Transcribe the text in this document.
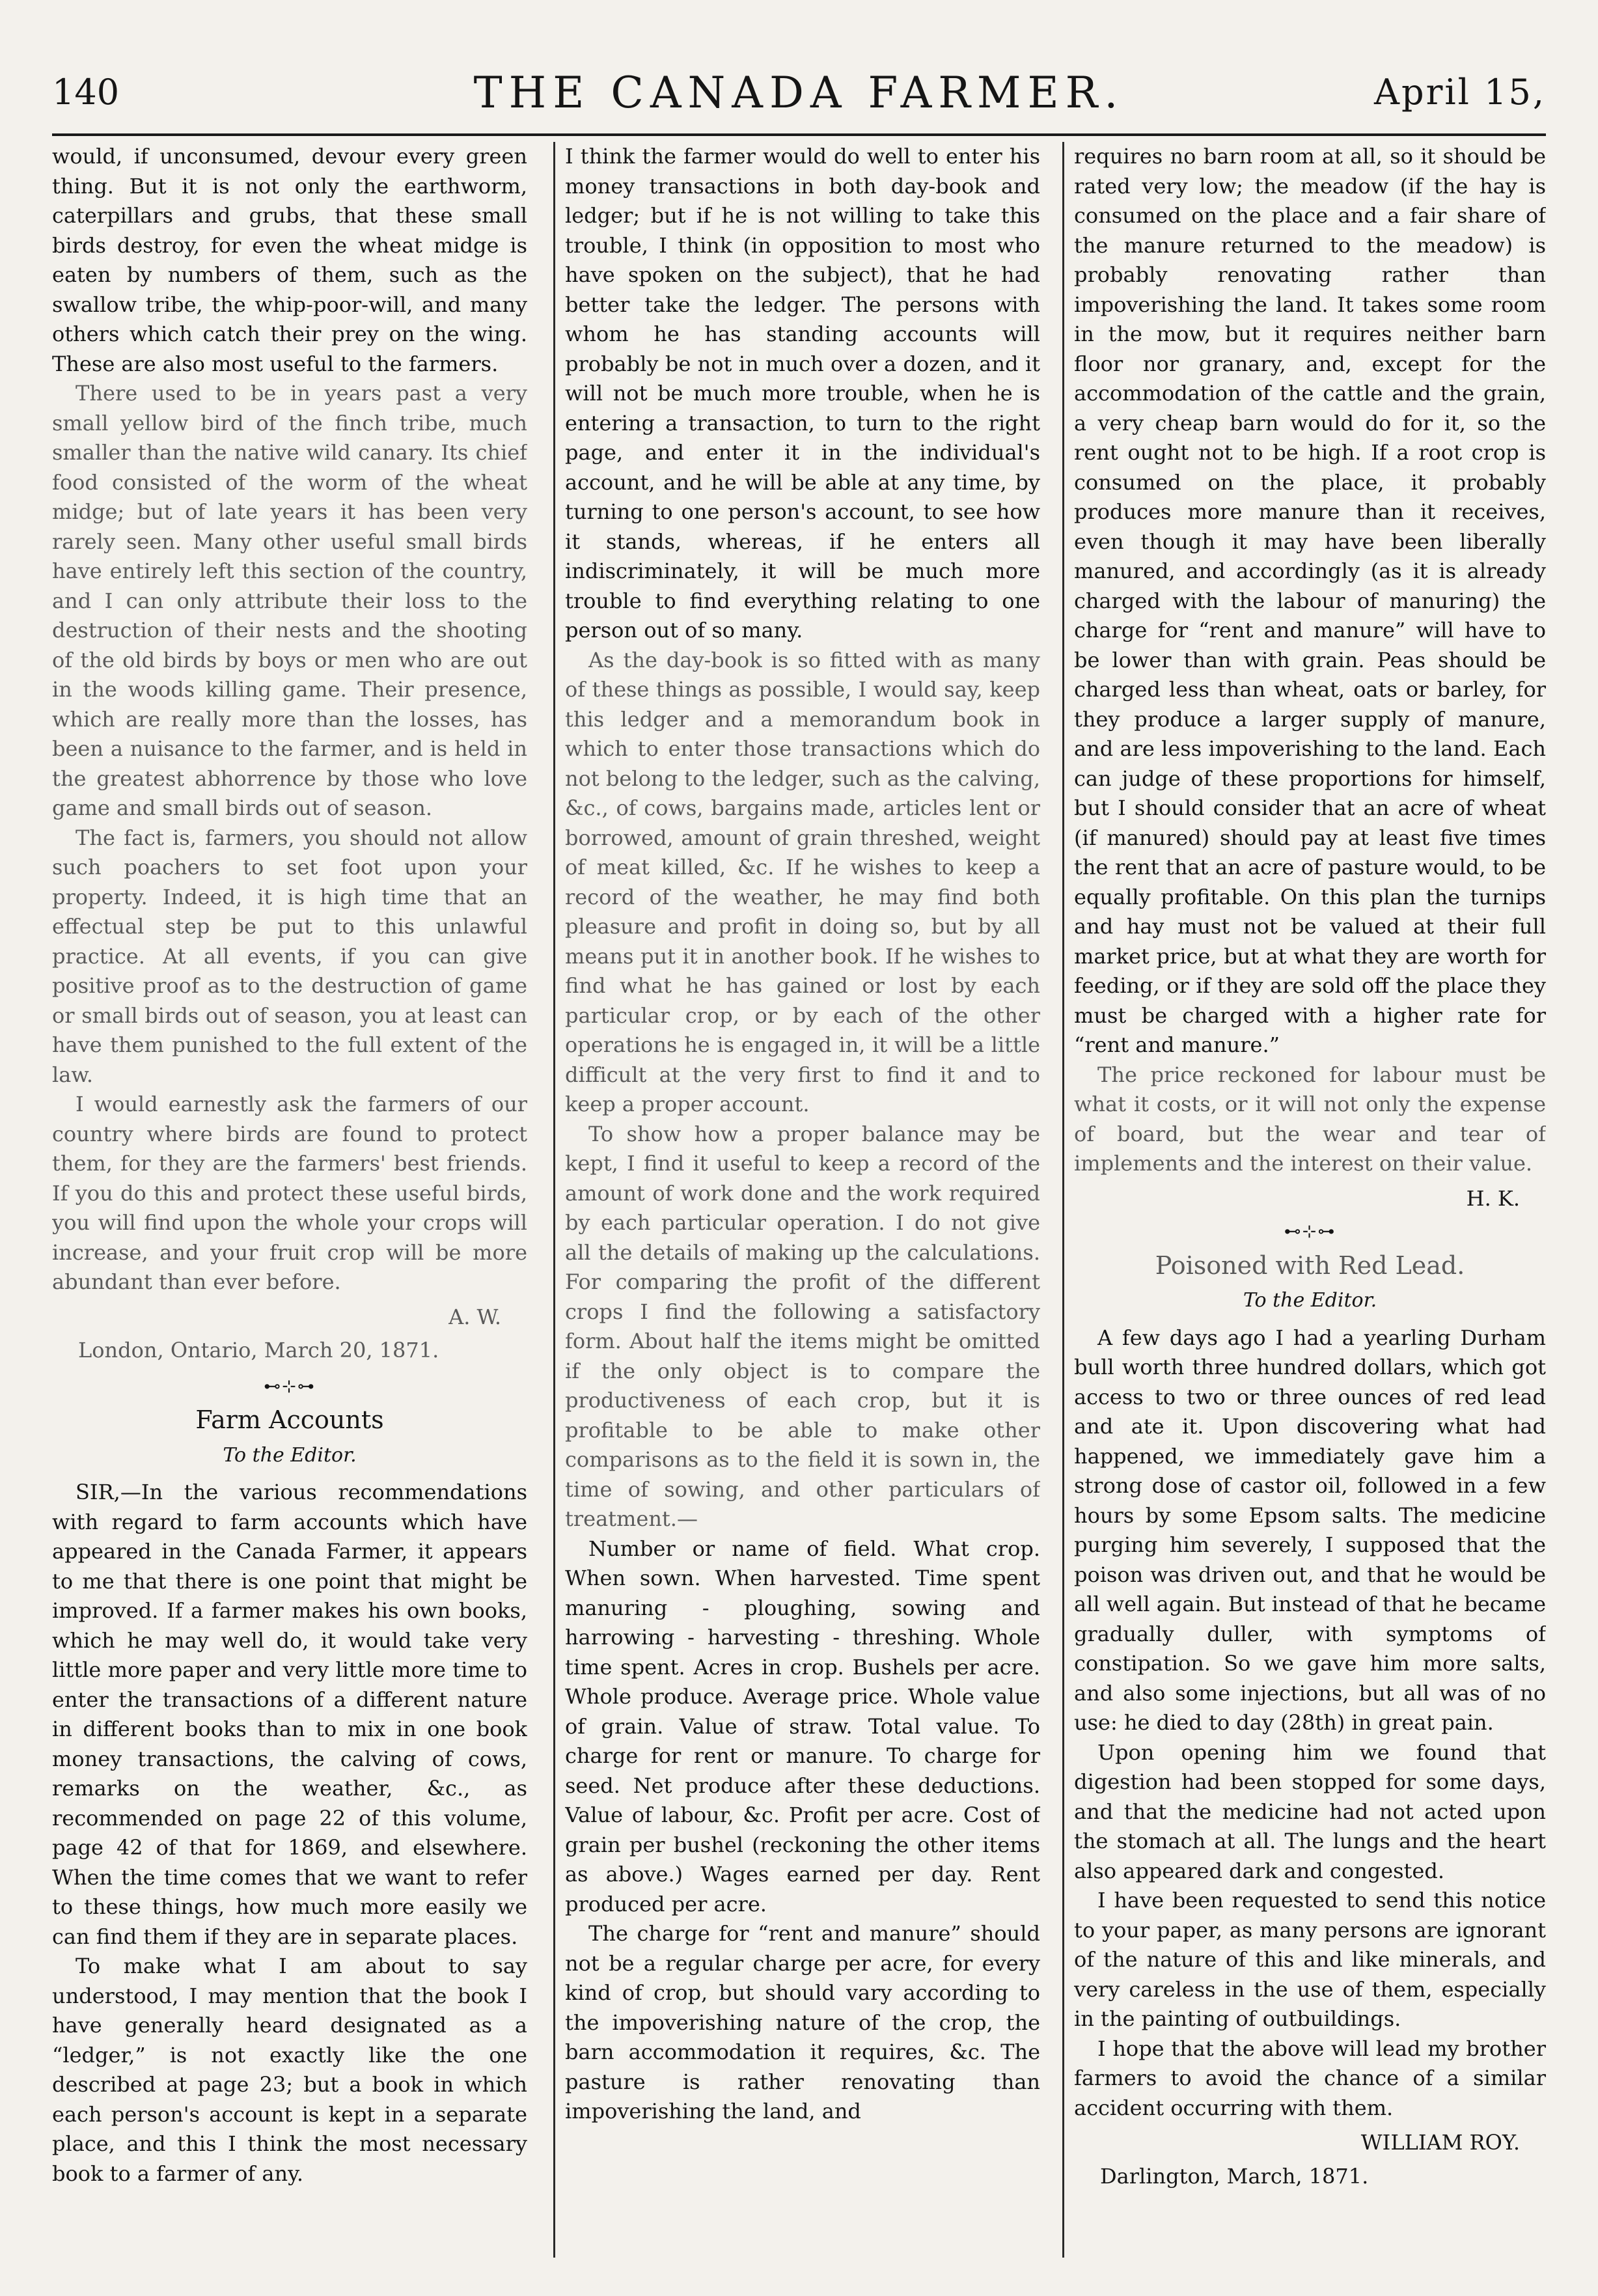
140	THE CANADA FARMER.	April 15,

would, if unconsumed, devour every green thing. But it is not only the earthworm, caterpillars and grubs, that these small birds destroy, for even the wheat midge is eaten by numbers of them, such as the swallow tribe, the whip-poor-will, and many others which catch their prey on the wing. These are also most useful to the farmers.

There used to be in years past a very small yellow bird of the finch tribe, much smaller than the native wild canary. Its chief food consisted of the worm of the wheat midge; but of late years it has been very rarely seen. Many other useful small birds have entirely left this section of the country, and I can only attribute their loss to the destruction of their nests and the shooting of the old birds by boys or men who are out in the woods killing game. Their presence, which are really more than the losses, has been a nuisance to the farmer, and is held in the greatest abhorrence by those who love game and small birds out of season.

The fact is, farmers, you should not allow such poachers to set foot upon your property. Indeed, it is high time that an effectual step be put to this unlawful practice. At all events, if you can give positive proof as to the destruction of game or small birds out of season, you at least can have them punished to the full extent of the law.

I would earnestly ask the farmers of our country where birds are found to protect them, for they are the farmers' best friends. If you do this and protect these useful birds, you will find upon the whole your crops will increase, and your fruit crop will be more abundant than ever before.

A. W.

London, Ontario, March 20, 1871.

⊷⊹⊶
Farm Accounts
To the Editor.

SIR,—In the various recommendations with regard to farm accounts which have appeared in the Canada Farmer, it appears to me that there is one point that might be improved. If a farmer makes his own books, which he may well do, it would take very little more paper and very little more time to enter the transactions of a different nature in different books than to mix in one book money transactions, the calving of cows, remarks on the weather, &c., as recommended on page 22 of this volume, page 42 of that for 1869, and elsewhere. When the time comes that we want to refer to these things, how much more easily we can find them if they are in separate places.

To make what I am about to say understood, I may mention that the book I have generally heard designated as a “ledger,” is not exactly like the one described at page 23; but a book in which each person's account is kept in a separate place, and this I think the most necessary book to a farmer of any.

I think the farmer would do well to enter his money transactions in both day-book and ledger; but if he is not willing to take this trouble, I think (in opposition to most who have spoken on the subject), that he had better take the ledger. The persons with whom he has standing accounts will probably be not in much over a dozen, and it will not be much more trouble, when he is entering a transaction, to turn to the right page, and enter it in the individual's account, and he will be able at any time, by turning to one person's account, to see how it stands, whereas, if he enters all indiscriminately, it will be much more trouble to find everything relating to one person out of so many.

As the day-book is so fitted with as many of these things as possible, I would say, keep this ledger and a memorandum book in which to enter those transactions which do not belong to the ledger, such as the calving, &c., of cows, bargains made, articles lent or borrowed, amount of grain threshed, weight of meat killed, &c. If he wishes to keep a record of the weather, he may find both pleasure and profit in doing so, but by all means put it in another book. If he wishes to find what he has gained or lost by each particular crop, or by each of the other operations he is engaged in, it will be a little difficult at the very first to find it and to keep a proper account.

To show how a proper balance may be kept, I find it useful to keep a record of the amount of work done and the work required by each particular operation. I do not give all the details of making up the calculations. For comparing the profit of the different crops I find the following a satisfactory form. About half the items might be omitted if the only object is to compare the productiveness of each crop, but it is profitable to be able to make other comparisons as to the field it is sown in, the time of sowing, and other particulars of treatment.—

Number or name of field. What crop. When sown. When harvested. Time spent manuring - ploughing, sowing and harrowing - harvesting - threshing. Whole time spent. Acres in crop. Bushels per acre. Whole produce. Average price. Whole value of grain. Value of straw. Total value. To charge for rent or manure. To charge for seed. Net produce after these deductions. Value of labour, &c. Profit per acre. Cost of grain per bushel (reckoning the other items as above.) Wages earned per day. Rent produced per acre.

The charge for “rent and manure” should not be a regular charge per acre, for every kind of crop, but should vary according to the impoverishing nature of the crop, the barn accommodation it requires, &c. The pasture is rather renovating than impoverishing the land, and

requires no barn room at all, so it should be rated very low; the meadow (if the hay is consumed on the place and a fair share of the manure returned to the meadow) is probably renovating rather than impoverishing the land. It takes some room in the mow, but it requires neither barn floor nor granary, and, except for the accommodation of the cattle and the grain, a very cheap barn would do for it, so the rent ought not to be high. If a root crop is consumed on the place, it probably produces more manure than it receives, even though it may have been liberally manured, and accordingly (as it is already charged with the labour of manuring) the charge for “rent and manure” will have to be lower than with grain. Peas should be charged less than wheat, oats or barley, for they produce a larger supply of manure, and are less impoverishing to the land. Each can judge of these proportions for himself, but I should consider that an acre of wheat (if manured) should pay at least five times the rent that an acre of pasture would, to be equally profitable. On this plan the turnips and hay must not be valued at their full market price, but at what they are worth for feeding, or if they are sold off the place they must be charged with a higher rate for “rent and manure.”

The price reckoned for labour must be what it costs, or it will not only the expense of board, but the wear and tear of implements and the interest on their value.

H. K.

⊷⊹⊶
Poisoned with Red Lead.
To the Editor.

A few days ago I had a yearling Durham bull worth three hundred dollars, which got access to two or three ounces of red lead and ate it. Upon discovering what had happened, we immediately gave him a strong dose of castor oil, followed in a few hours by some Epsom salts. The medicine purging him severely, I supposed that the poison was driven out, and that he would be all well again. But instead of that he became gradually duller, with symptoms of constipation. So we gave him more salts, and also some injections, but all was of no use: he died to day (28th) in great pain.

Upon opening him we found that digestion had been stopped for some days, and that the medicine had not acted upon the stomach at all. The lungs and the heart also appeared dark and congested.

I have been requested to send this notice to your paper, as many persons are ignorant of the nature of this and like minerals, and very careless in the use of them, especially in the painting of outbuildings.

I hope that the above will lead my brother farmers to avoid the chance of a similar accident occurring with them.

WILLIAM ROY.

Darlington, March, 1871.
